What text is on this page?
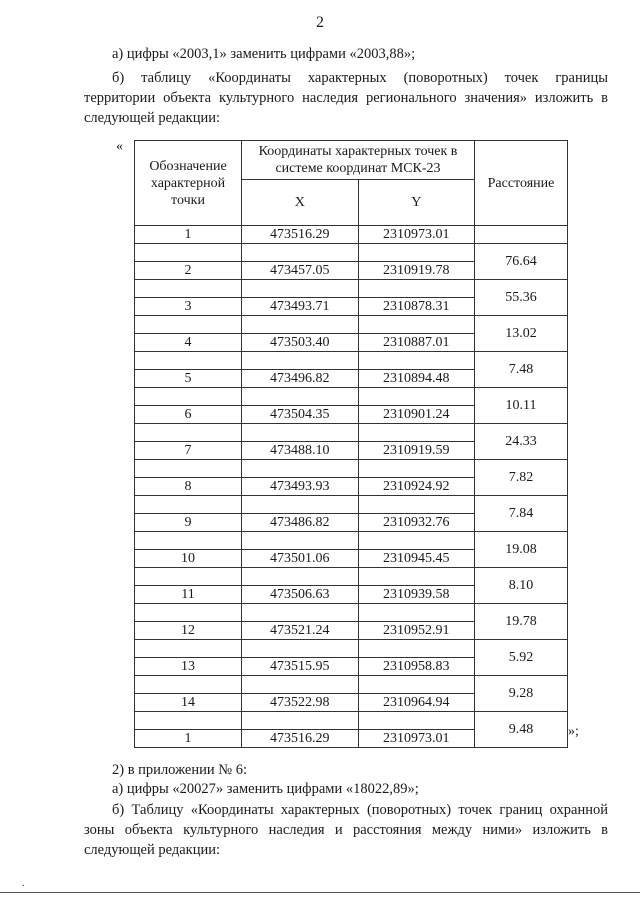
2
а) цифры «2003,1» заменить цифрами «2003,88»;
б) таблицу «Координаты характерных (поворотных) точек границы
территории объекта культурного наследия регионального значения» изложить в следующей редакции:
«
Обозначение характерной точки	Координаты характерных точек в системе координат МСК-23		Расстояние
	X	Y	
1	473516.29	2310973.01	
			76.64
2	473457.05	2310919.78	
			55.36
3	473493.71	2310878.31	
			13.02
4	473503.40	2310887.01	
			7.48
5	473496.82	2310894.48	
			10.11
6	473504.35	2310901.24	
			24.33
7	473488.10	2310919.59	
			7.82
8	473493.93	2310924.92	
			7.84
9	473486.82	2310932.76	
			19.08
10	473501.06	2310945.45	
			8.10
11	473506.63	2310939.58	
			19.78
12	473521.24	2310952.91	
			5.92
13	473515.95	2310958.83	
			9.28
14	473522.98	2310964.94	
			9.48
1	473516.29	2310973.01		»;
2) в приложении № 6:
а) цифры «20027» заменить цифрами «18022,89»;
б) Таблицу «Координаты характерных (поворотных) точек границ охранной
зоны объекта культурного наследия и расстояния между ними» изложить в следующей редакции:
.
